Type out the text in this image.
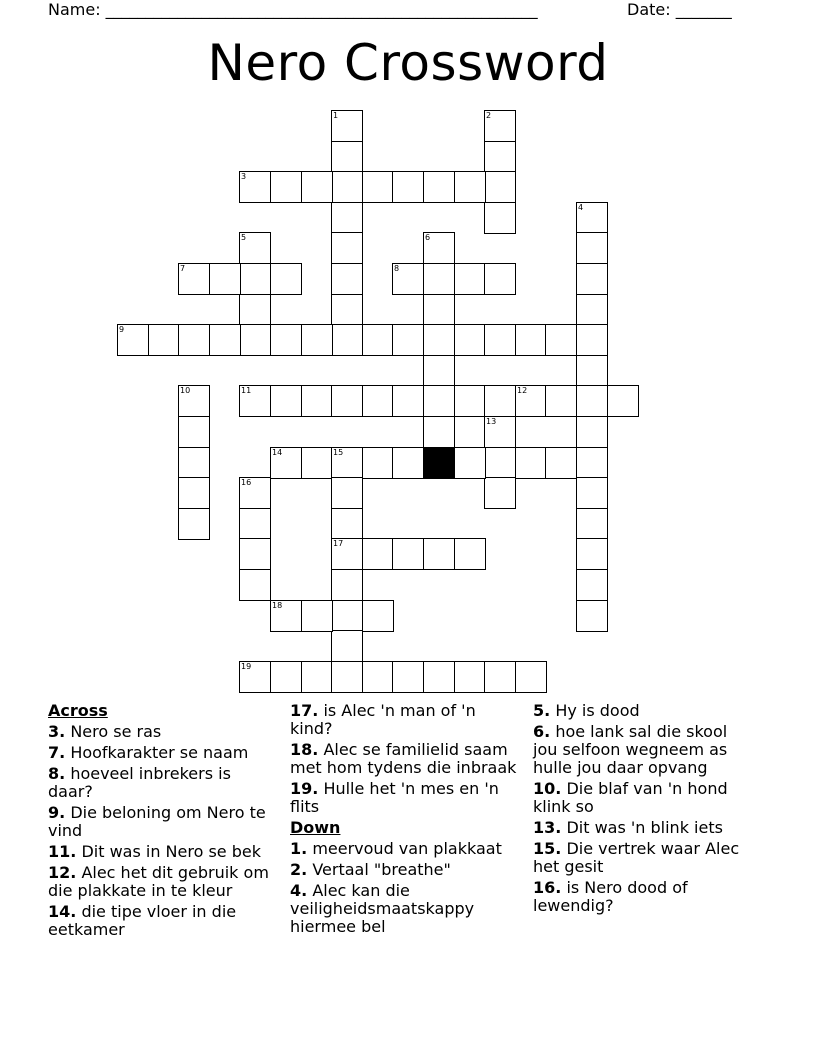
Name: ______________________________________________________	Date: _______
Nero Crossword
1	2
3
4
5	6
7	8
9
10	11	12
13
14	15
17
16
18
19
Across
3. Nero se ras
7. Hoofkarakter se naam
8. hoeveel inbrekers is daar?
9. Die beloning om Nero te vind
11. Dit was in Nero se bek
12. Alec het dit gebruik om die plakkate in te kleur
14. die tipe vloer in die eetkamer
17. is Alec 'n man of 'n kind?
18. Alec se familielid saam met hom tydens die inbraak
19. Hulle het 'n mes en 'n flits
Down
1. meervoud van plakkaat
2. Vertaal "breathe"
4. Alec kan die veiligheidsmaatskappy hiermee bel
5. Hy is dood
6. hoe lank sal die skool jou selfoon wegneem as hulle jou daar opvang
10. Die blaf van 'n hond klink so
13. Dit was 'n blink iets
15. Die vertrek waar Alec het gesit
16. is Nero dood of lewendig?
